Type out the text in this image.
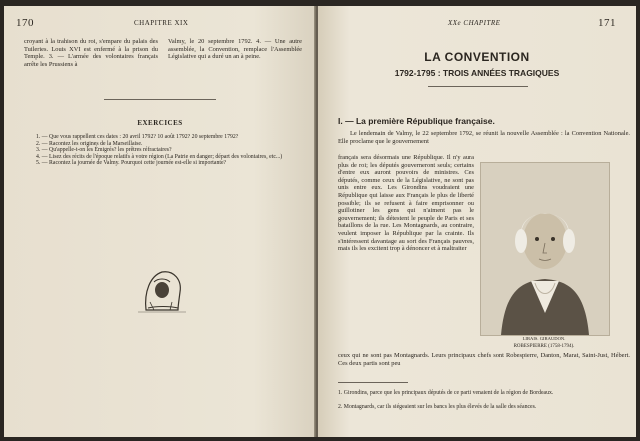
170	CHAPITRE XIX
croyant à la trahison du roi, s'empare du palais des Tuileries. Louis XVI est enfermé à la prison du Temple. 3. — L'armée des volontaires français arrête les Prussiens à
Valmy, le 20 septembre 1792. 4. — Une autre assemblée, la Convention, remplace l'Assemblée Législative qui a duré un an à peine.
EXERCICES
1. — Que vous rappellent ces dates : 20 avril 1792? 10 août 1792? 20 septembre 1792?
2. — Racontez les origines de la Marseillaise.
3. — Qu'appelle-t-on les Émigrés? les prêtres réfractaires?
4. — Lisez des récits de l'époque relatifs à votre région (La Patrie en danger; départ des volontaires, etc...)
5. — Racontez la journée de Valmy. Pourquoi cette journée est-elle si importante?
XXe CHAPITRE	171
LA CONVENTION
1792-1795 : TROIS ANNÉES TRAGIQUES
I. — La première République française.
Le lendemain de Valmy, le 22 septembre 1792, se réunit la nouvelle Assemblée : la Convention Nationale. Elle proclame que le gouvernement
français sera désormais une République. Il n'y aura plus de roi; les députés gouverneront seuls; certains d'entre eux auront pouvoirs de ministres. Ces députés, comme ceux de la Législative, ne sont pas unis entre eux. Les Girondins voudraient une République qui laisse aux Français le plus de liberté possible; ils se refusent à faire emprisonner ou guillotiner les gens qui n'aiment pas le gouvernement; ils détestent le peuple de Paris et ses bataillons de la rue. Les Montagnards, au contraire, veulent imposer la République par la crainte. Ils s'intéressent davantage au sort des Français pauvres, mais ils les excitent trop à dénoncer et à maltraiter
LIRAIS. GIRAUDON.
ROBESPIERRE (1758-1794).
ceux qui ne sont pas Montagnards. Leurs principaux chefs sont Robespierre, Danton, Marat, Saint-Just, Hébert. Ces deux partis sont peu
1. Girondins, parce que les principaux députés de ce parti venaient de la région de Bordeaux.
2. Montagnards, car ils siégeaient sur les bancs les plus élevés de la salle des séances.
